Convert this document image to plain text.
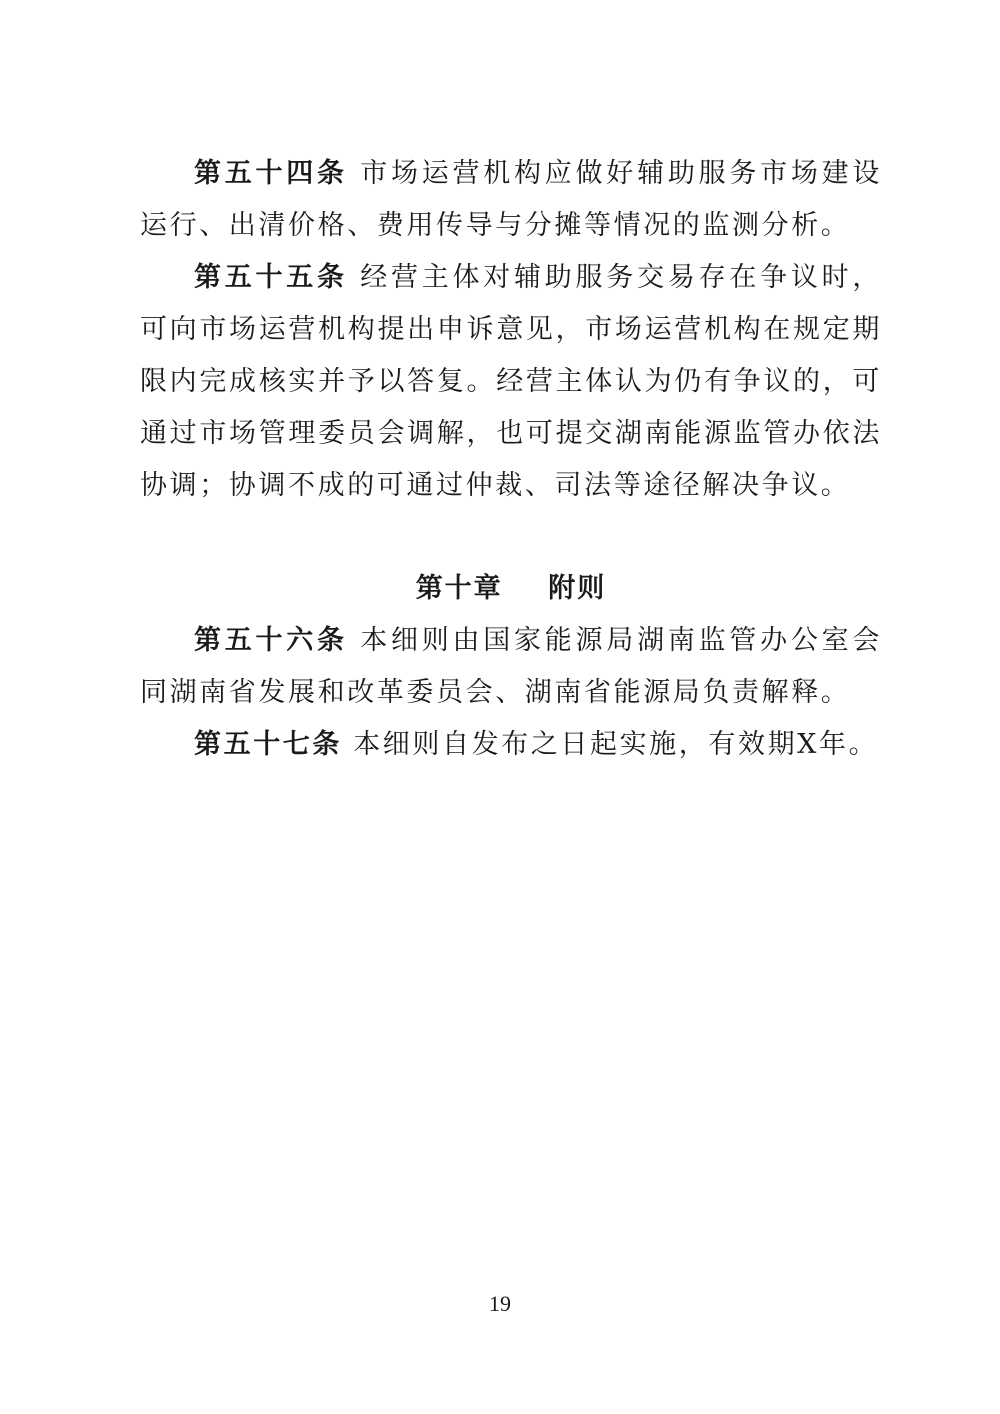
第五十四条 市场运营机构应做好辅助服务市场建设运行、出清价格、费用传导与分摊等情况的监测分析。

第五十五条 经营主体对辅助服务交易存在争议时，可向市场运营机构提出申诉意见，市场运营机构在规定期限内完成核实并予以答复。经营主体认为仍有争议的，可通过市场管理委员会调解，也可提交湖南能源监管办依法协调；协调不成的可通过仲裁、司法等途径解决争议。

第十章    附则

第五十六条 本细则由国家能源局湖南监管办公室会同湖南省发展和改革委员会、湖南省能源局负责解释。

第五十七条 本细则自发布之日起实施，有效期X年。

19
